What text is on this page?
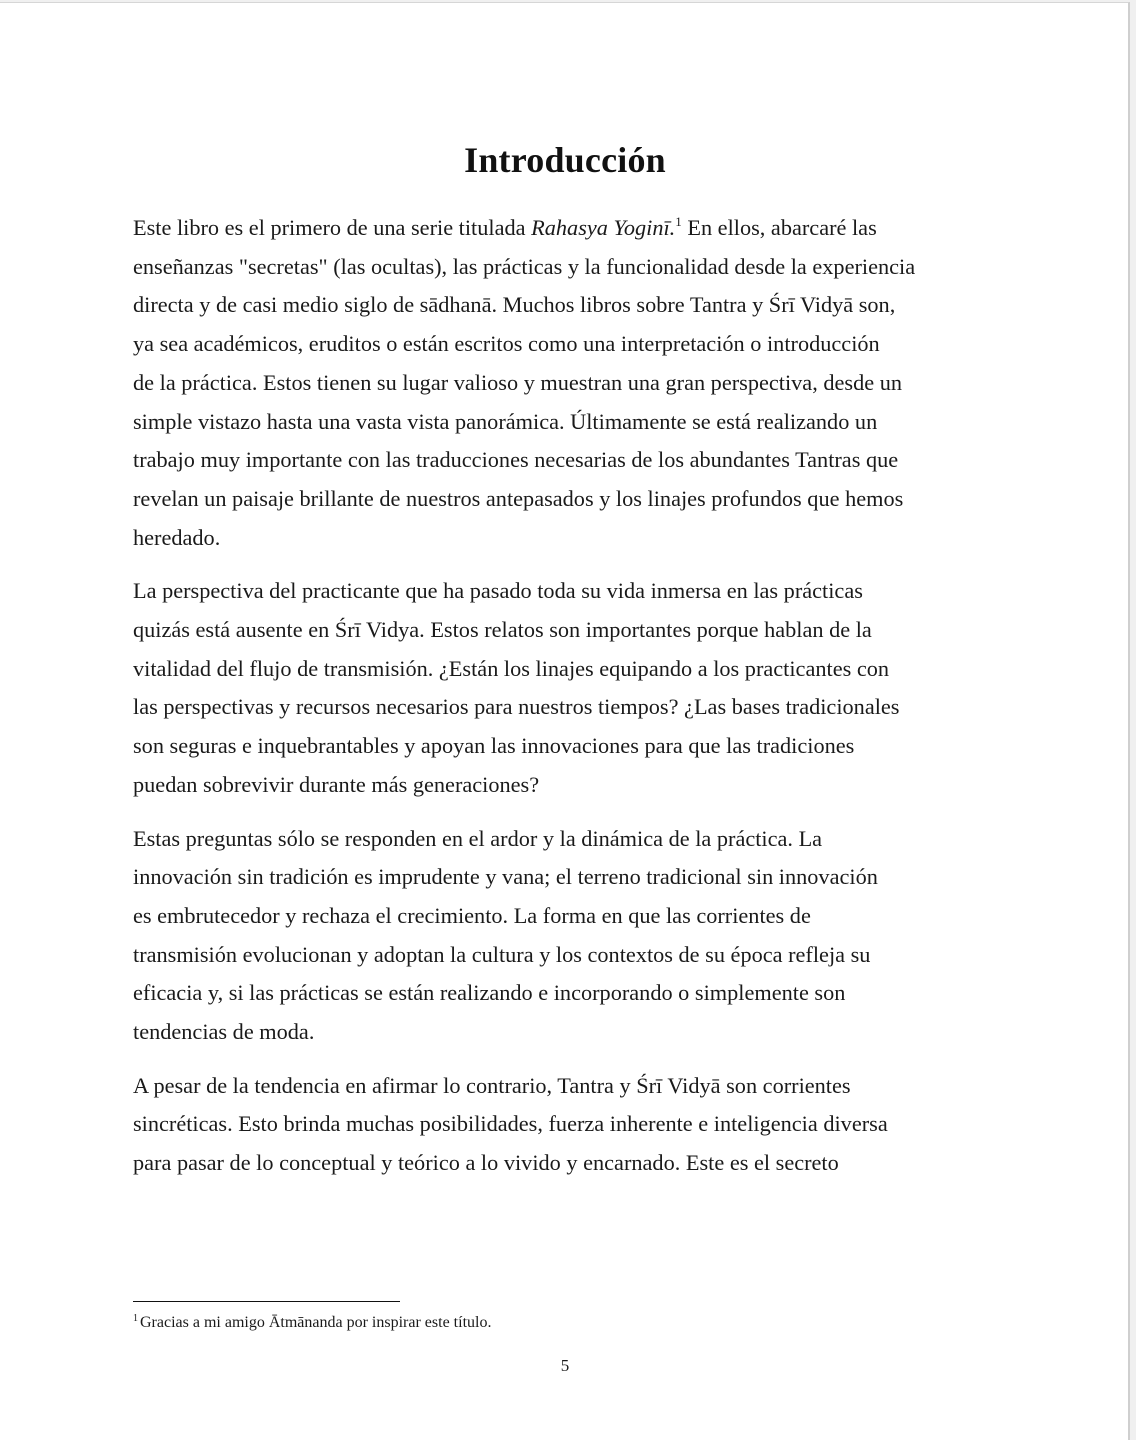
Introducción

Este libro es el primero de una serie titulada Rahasya Yoginī.$^1$ En ellos, abarcaré las
enseñanzas "secretas" (las ocultas), las prácticas y la funcionalidad desde la experiencia
directa y de casi medio siglo de sādhanā. Muchos libros sobre Tantra y Śrī Vidyā son,
ya sea académicos, eruditos o están escritos como una interpretación o introducción
de la práctica. Estos tienen su lugar valioso y muestran una gran perspectiva, desde un
simple vistazo hasta una vasta vista panorámica. Últimamente se está realizando un
trabajo muy importante con las traducciones necesarias de los abundantes Tantras que
revelan un paisaje brillante de nuestros antepasados y los linajes profundos que hemos
heredado.

La perspectiva del practicante que ha pasado toda su vida inmersa en las prácticas
quizás está ausente en Śrī Vidya. Estos relatos son importantes porque hablan de la
vitalidad del flujo de transmisión. ¿Están los linajes equipando a los practicantes con
las perspectivas y recursos necesarios para nuestros tiempos? ¿Las bases tradicionales
son seguras e inquebrantables y apoyan las innovaciones para que las tradiciones
puedan sobrevivir durante más generaciones?

Estas preguntas sólo se responden en el ardor y la dinámica de la práctica. La
innovación sin tradición es imprudente y vana; el terreno tradicional sin innovación
es embrutecedor y rechaza el crecimiento. La forma en que las corrientes de
transmisión evolucionan y adoptan la cultura y los contextos de su época refleja su
eficacia y, si las prácticas se están realizando e incorporando o simplemente son
tendencias de moda.

A pesar de la tendencia en afirmar lo contrario, Tantra y Śrī Vidyā son corrientes
sincréticas. Esto brinda muchas posibilidades, fuerza inherente e inteligencia diversa
para pasar de lo conceptual y teórico a lo vivido y encarnado. Este es el secreto

$^1$ Gracias a mi amigo Ātmānanda por inspirar este título.
5
